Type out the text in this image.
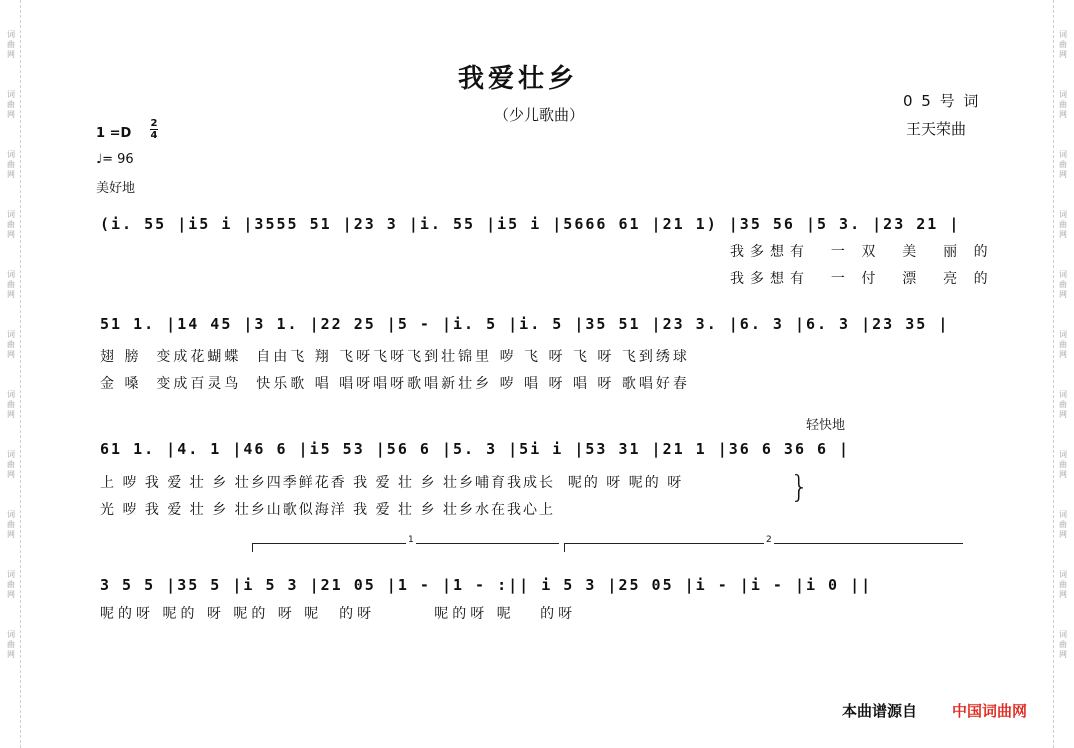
词
曲
网
词
曲
网
词
曲
网
词
曲
网
词
曲
网
词
曲
网
词
曲
网
词
曲
网
词
曲
网
词
曲
网
词
曲
网
词
曲
网
词
曲
网
词
曲
网
词
曲
网
词
曲
网
词
曲
网
词
曲
网
词
曲
网
词
曲
网
词
曲
网
词
曲
网
我爱壮乡
（少儿歌曲）
0 5 号 词
王天荣曲
1 =D
2
4
♩= 96
美好地
(i. 55 |i5 i |3555 51 |23 3 |i. 55 |i5 i |5666 61 |21 1) |35 56 |5 3. |23 21 |
我多想有  一 双  美  丽 的
我多想有  一 付  漂  亮 的
51 1. |14 45 |3 1. |22 25 |5 - |i. 5 |i. 5 |35 51 |23 3. |6. 3 |6. 3 |23 35 |
翅 膀  变成花蝴蝶  自由飞 翔 飞呀飞呀飞到壮锦里 哕 飞 呀 飞 呀 飞到绣球
金 嗓  变成百灵鸟  快乐歌 唱 唱呀唱呀歌唱新壮乡 哕 唱 呀 唱 呀 歌唱好春
轻快地
61 1. |4. 1 |46 6 |i5 53 |56 6 |5. 3 |5i i |53 31 |21 1 |36 6 36 6 |
上 哕 我 爱 壮 乡 壮乡四季鲜花香 我 爱 壮 乡 壮乡哺育我成长  呢的 呀 呢的 呀
光 哕 我 爱 壮 乡 壮乡山歌似海洋 我 爱 壮 乡 壮乡水在我心上
}
1	2
3 5 5 |35 5 |i 5 3 |21 05 |1 - |1 - :|| i 5 3 |25 05 |i - |i - |i 0 ||
呢的呀 呢的 呀 呢的 呀 呢  的呀       呢的呀 呢   的呀
本曲谱源自 中国词曲网
